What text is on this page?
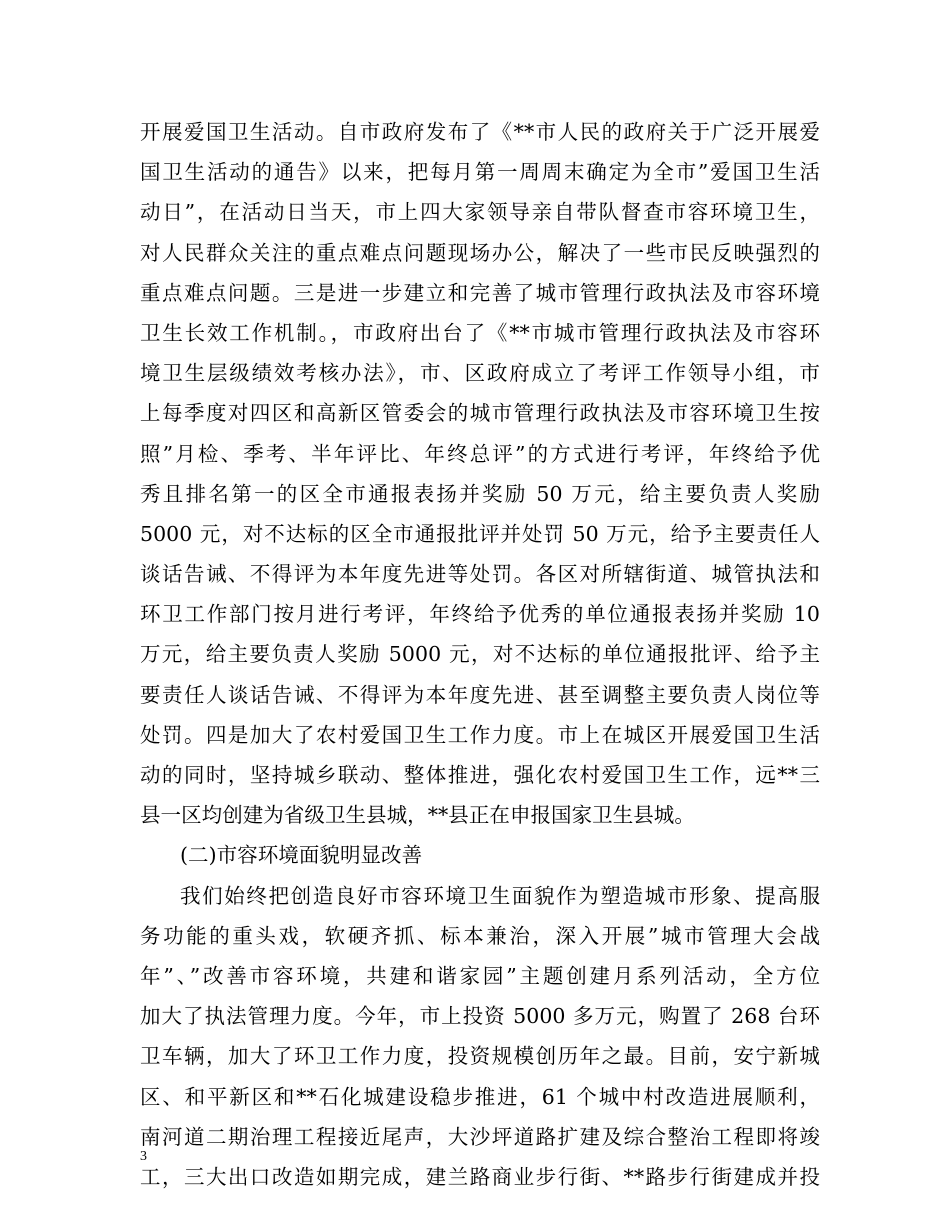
开展爱国卫生活动。自市政府发布了《**市人民的政府关于广泛开展爱
国卫生活动的通告》以来，把每月第一周周末确定为全市”爱国卫生活
动日”，在活动日当天，市上四大家领导亲自带队督查市容环境卫生，
对人民群众关注的重点难点问题现场办公，解决了一些市民反映强烈的
重点难点问题。三是进一步建立和完善了城市管理行政执法及市容环境
卫生长效工作机制。，市政府出台了《**市城市管理行政执法及市容环
境卫生层级绩效考核办法》，市、区政府成立了考评工作领导小组，市
上每季度对四区和高新区管委会的城市管理行政执法及市容环境卫生按
照”月检、季考、半年评比、年终总评”的方式进行考评，年终给予优
秀且排名第一的区全市通报表扬并奖励 50 万元，给主要负责人奖励
5000 元，对不达标的区全市通报批评并处罚 50 万元，给予主要责任人
谈话告诫、不得评为本年度先进等处罚。各区对所辖街道、城管执法和
环卫工作部门按月进行考评，年终给予优秀的单位通报表扬并奖励 10
万元，给主要负责人奖励 5000 元，对不达标的单位通报批评、给予主
要责任人谈话告诫、不得评为本年度先进、甚至调整主要负责人岗位等
处罚。四是加大了农村爱国卫生工作力度。市上在城区开展爱国卫生活
动的同时，坚持城乡联动、整体推进，强化农村爱国卫生工作，远**三
县一区均创建为省级卫生县城，**县正在申报国家卫生县城。
(二)市容环境面貌明显改善
我们始终把创造良好市容环境卫生面貌作为塑造城市形象、提高服
务功能的重头戏，软硬齐抓、标本兼治，深入开展”城市管理大会战
年”、”改善市容环境，共建和谐家园”主题创建月系列活动，全方位
加大了执法管理力度。今年，市上投资 5000 多万元，购置了 268 台环
卫车辆，加大了环卫工作力度，投资规模创历年之最。目前，安宁新城
区、和平新区和**石化城建设稳步推进，61 个城中村改造进展顺利，
南河道二期治理工程接近尾声，大沙坪道路扩建及综合整治工程即将竣
工，三大出口改造如期完成，建兰路商业步行街、**路步行街建成并投
3
